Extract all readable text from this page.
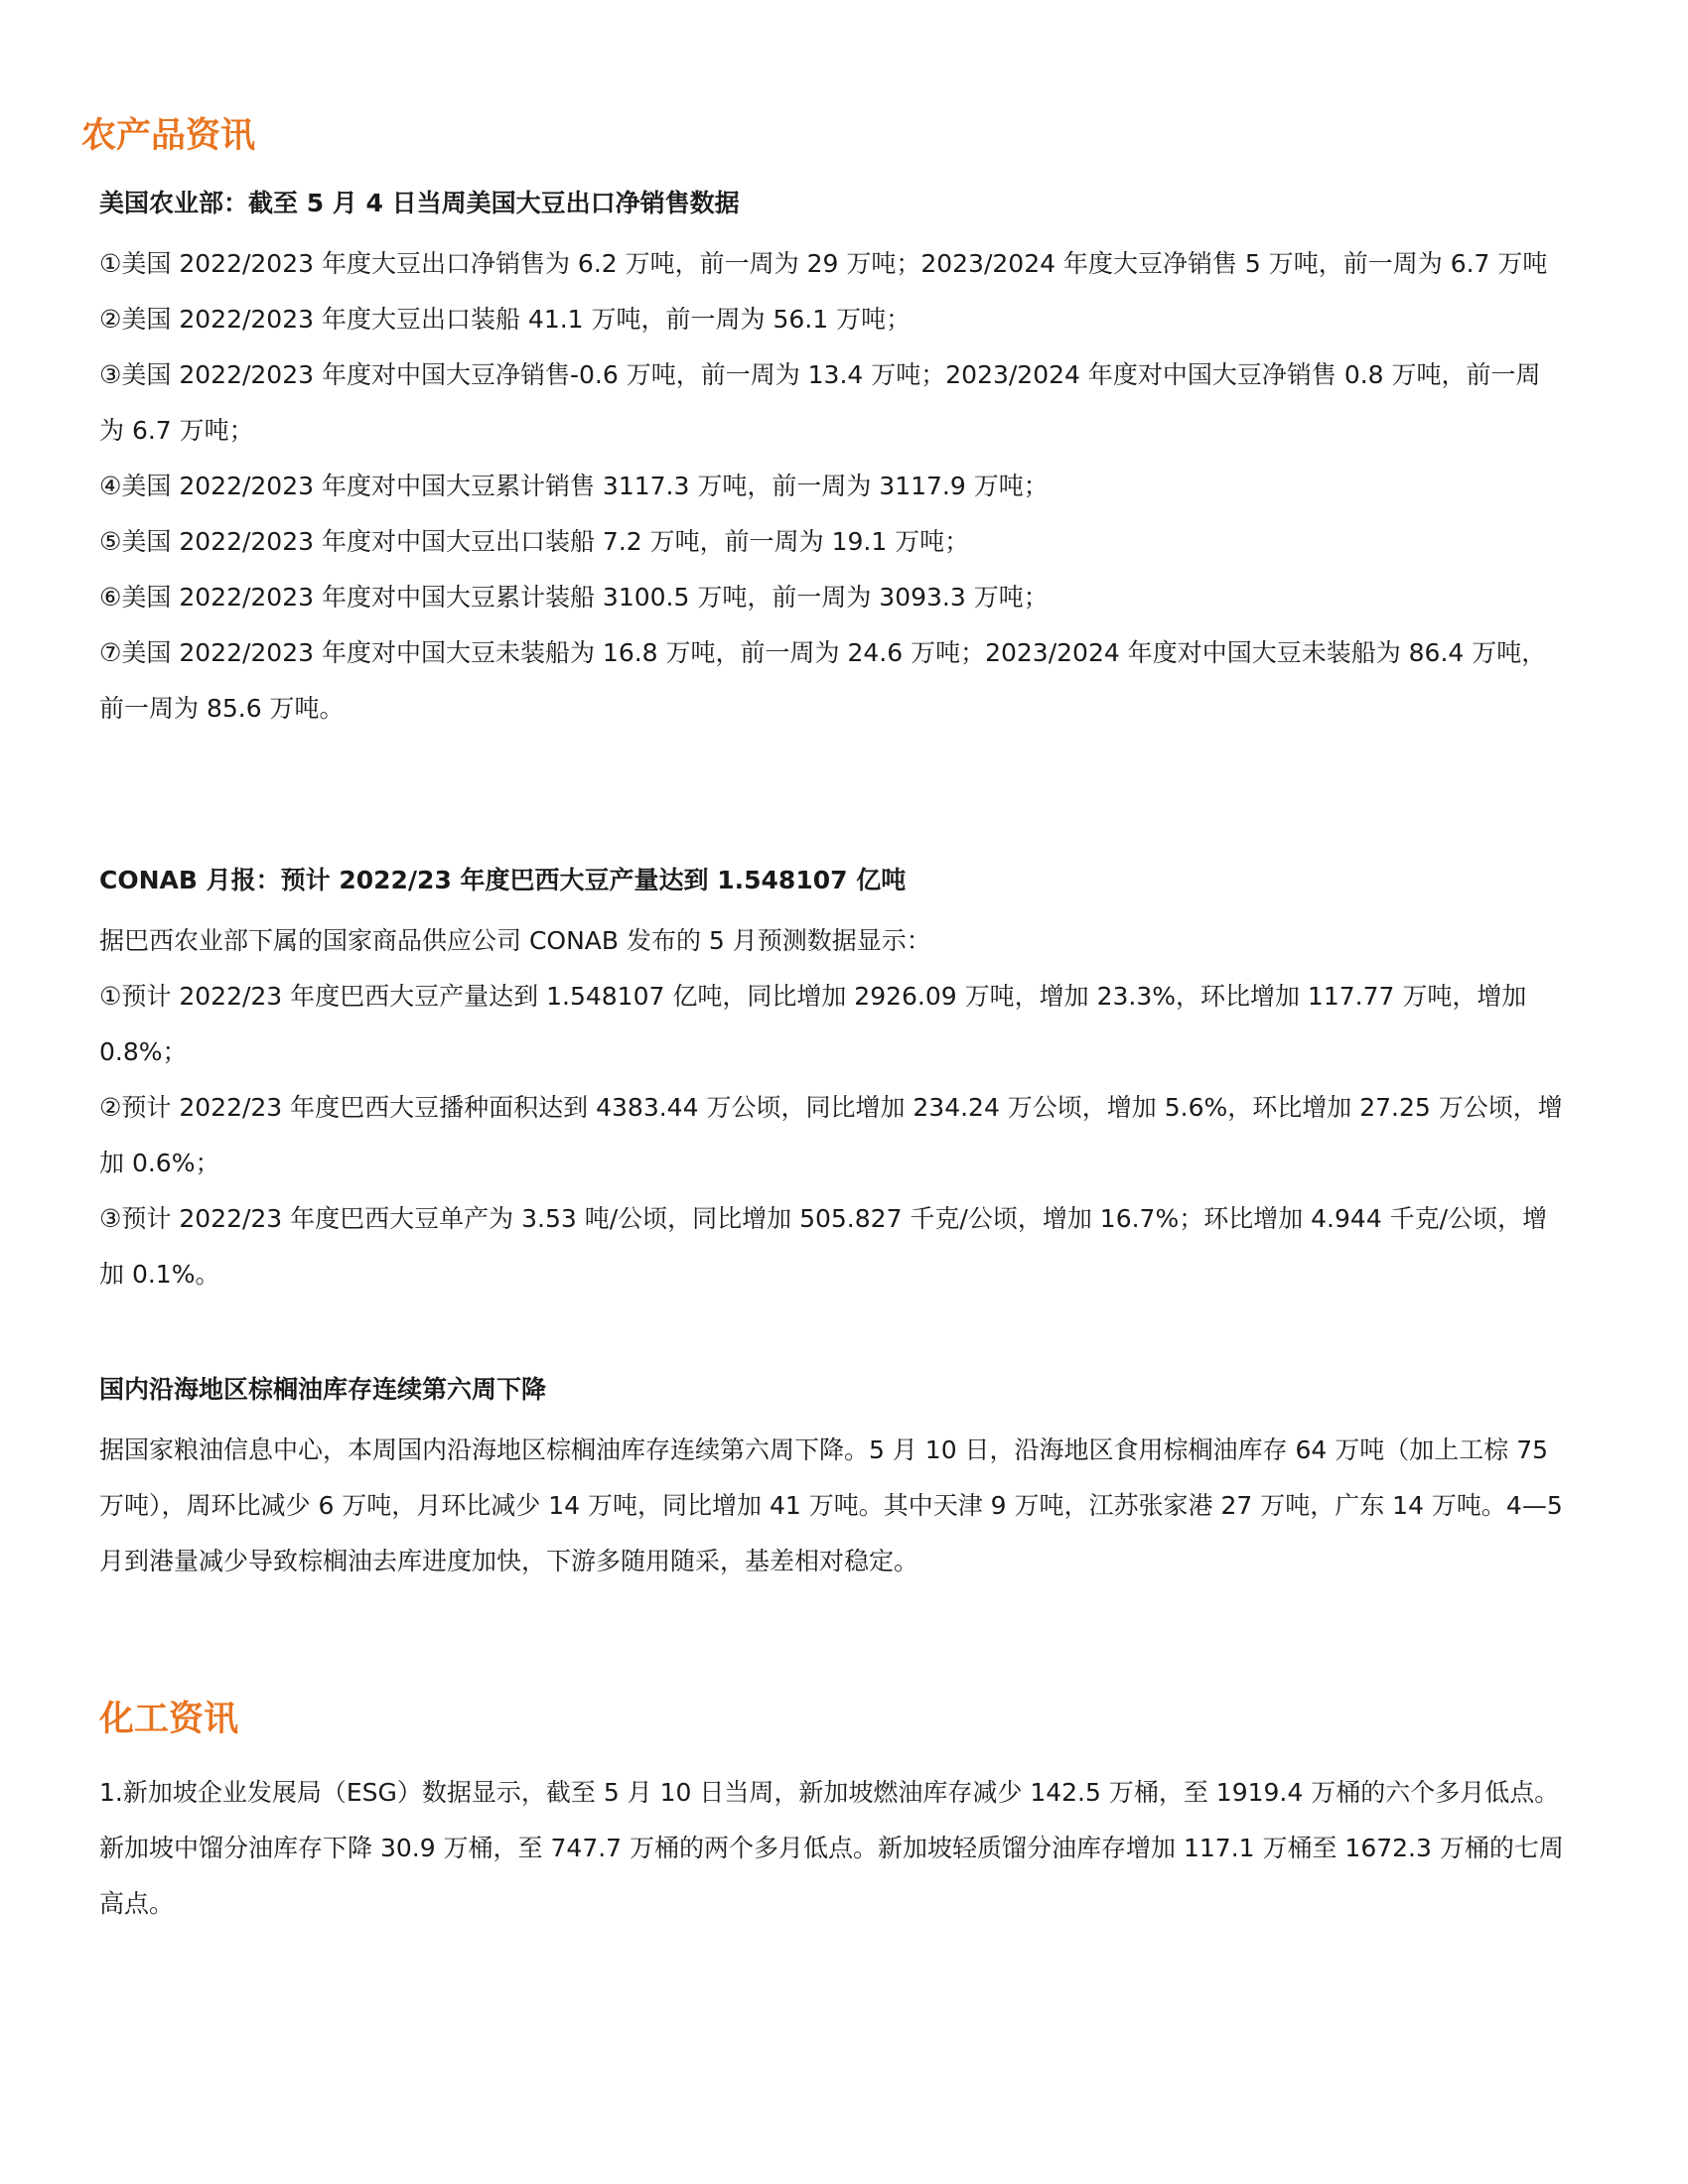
农产品资讯
美国农业部：截至 5 月 4 日当周美国大豆出口净销售数据

①美国 2022/2023 年度大豆出口净销售为 6.2 万吨，前一周为 29 万吨；2023/2024 年度大豆净销售 5 万吨，前一周为 6.7 万吨

②美国 2022/2023 年度大豆出口装船 41.1 万吨，前一周为 56.1 万吨；

③美国 2022/2023 年度对中国大豆净销售-0.6 万吨，前一周为 13.4 万吨；2023/2024 年度对中国大豆净销售 0.8 万吨，前一周为 6.7 万吨；

④美国 2022/2023 年度对中国大豆累计销售 3117.3 万吨，前一周为 3117.9 万吨；

⑤美国 2022/2023 年度对中国大豆出口装船 7.2 万吨，前一周为 19.1 万吨；

⑥美国 2022/2023 年度对中国大豆累计装船 3100.5 万吨，前一周为 3093.3 万吨；

⑦美国 2022/2023 年度对中国大豆未装船为 16.8 万吨，前一周为 24.6 万吨；2023/2024 年度对中国大豆未装船为 86.4 万吨，前一周为 85.6 万吨。

CONAB 月报：预计 2022/23 年度巴西大豆产量达到 1.548107 亿吨

据巴西农业部下属的国家商品供应公司 CONAB 发布的 5 月预测数据显示：

①预计 2022/23 年度巴西大豆产量达到 1.548107 亿吨，同比增加 2926.09 万吨，增加 23.3%，环比增加 117.77 万吨，增加 0.8%；

②预计 2022/23 年度巴西大豆播种面积达到 4383.44 万公顷，同比增加 234.24 万公顷，增加 5.6%，环比增加 27.25 万公顷，增加 0.6%；

③预计 2022/23 年度巴西大豆单产为 3.53 吨/公顷，同比增加 505.827 千克/公顷，增加 16.7%；环比增加 4.944 千克/公顷，增加 0.1%。

国内沿海地区棕榈油库存连续第六周下降

据国家粮油信息中心，本周国内沿海地区棕榈油库存连续第六周下降。5 月 10 日，沿海地区食用棕榈油库存 64 万吨（加上工棕 75 万吨），周环比减少 6 万吨，月环比减少 14 万吨，同比增加 41 万吨。其中天津 9 万吨，江苏张家港 27 万吨，广东 14 万吨。4—5 月到港量减少导致棕榈油去库进度加快，下游多随用随采，基差相对稳定。

化工资讯

1.新加坡企业发展局（ESG）数据显示，截至 5 月 10 日当周，新加坡燃油库存减少 142.5 万桶，至 1919.4 万桶的六个多月低点。新加坡中馏分油库存下降 30.9 万桶，至 747.7 万桶的两个多月低点。新加坡轻质馏分油库存增加 117.1 万桶至 1672.3 万桶的七周高点。
